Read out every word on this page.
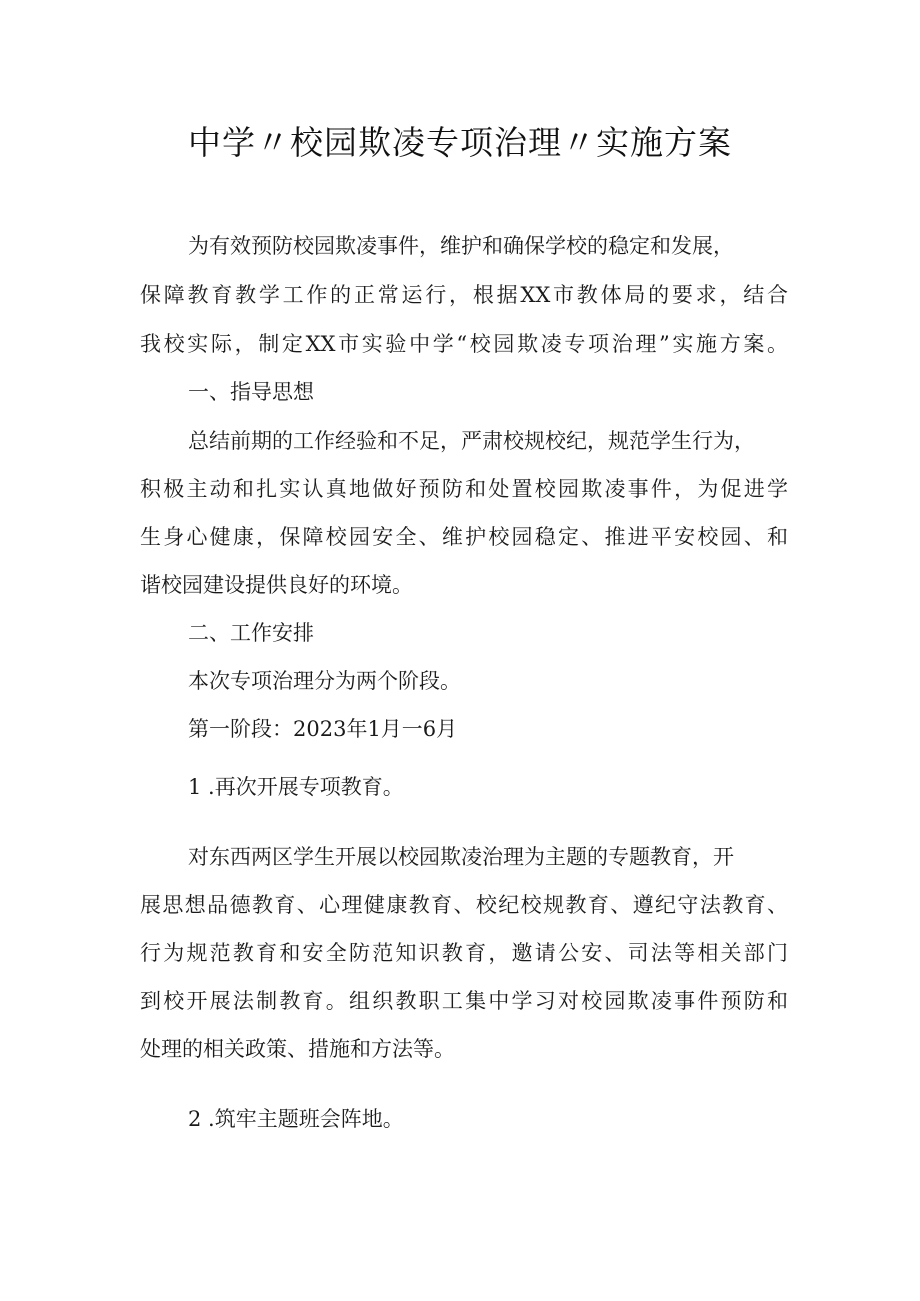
中学〃校园欺凌专项治理〃实施方案
为有效预防校园欺凌事件，维护和确保学校的稳定和发展，
保障教育教学工作的正常运行，根据XX市教体局的要求，结合
我校实际，制定XX市实验中学“校园欺凌专项治理”实施方案。
一、指导思想
总结前期的工作经验和不足，严肃校规校纪，规范学生行为，
积极主动和扎实认真地做好预防和处置校园欺凌事件，为促进学
生身心健康，保障校园安全、维护校园稳定、推进平安校园、和
谐校园建设提供良好的环境。
二、工作安排
本次专项治理分为两个阶段。
第一阶段：2023年1月一6月
1 .再次开展专项教育。
对东西两区学生开展以校园欺凌治理为主题的专题教育，开
展思想品德教育、心理健康教育、校纪校规教育、遵纪守法教育、
行为规范教育和安全防范知识教育，邀请公安、司法等相关部门
到校开展法制教育。组织教职工集中学习对校园欺凌事件预防和
处理的相关政策、措施和方法等。
2 .筑牢主题班会阵地。
